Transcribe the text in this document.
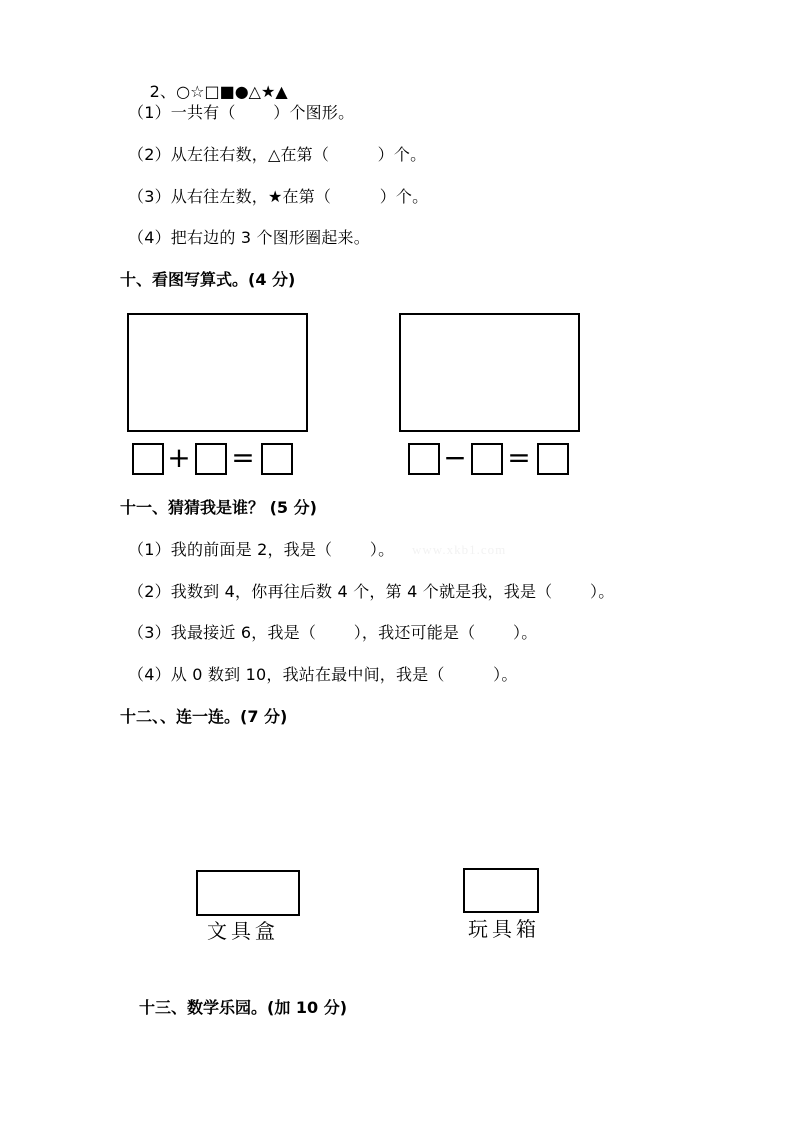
2、○☆□■●△★▲

（1）一共有（　　 ）个图形。
（2）从左往右数，△在第（　　　）个。
（3）从右往左数，★在第（　　　）个。
（4）把右边的 3 个图形圈起来。
十、看图写算式。(4 分)
+ =	− =
十一、猜猜我是谁？ (5 分)
（1）我的前面是 2，我是（　　 ）。 www.xkb1.com
（2）我数到 4，你再往后数 4 个，第 4 个就是我，我是（　　 ）。
（3）我最接近 6，我是（　　 ），我还可能是（　　 ）。
（4）从 0 数到 10，我站在最中间，我是（　　　）。
十二、、连一连。(7 分)
文具盒	玩具箱
十三、数学乐园。(加 10 分)
